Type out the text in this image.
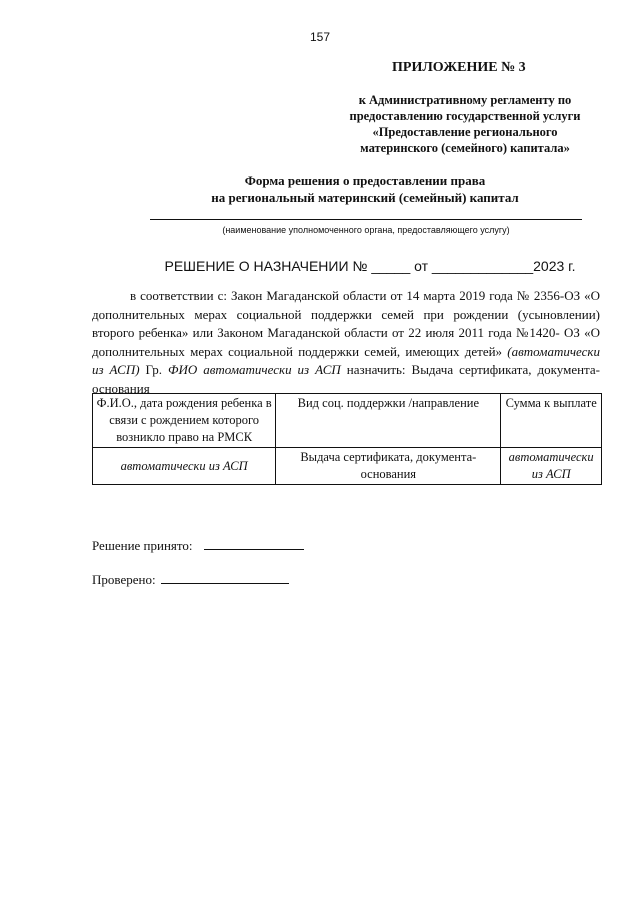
157
ПРИЛОЖЕНИЕ № 3
к Административному регламенту по
предоставлению государственной услуги
«Предоставление регионального
материнского (семейного) капитала»
Форма решения о предоставлении права
на региональный материнский (семейный) капитал
(наименование уполномоченного органа, предоставляющего услугу)
РЕШЕНИЕ О НАЗНАЧЕНИИ № _____ от _____________2023 г.
в соответствии с: Закон Магаданской области от 14 марта 2019 года № 2356-ОЗ «О дополнительных мерах социальной поддержки семей при рождении (усыновлении) второго ребенка» или Законом Магаданской области от 22 июля 2011 года №1420- ОЗ «О дополнительных мерах социальной поддержки семей, имеющих детей» (автоматически из АСП) Гр. ФИО автоматически из АСП назначить: Выдача сертификата, документа-основания
Ф.И.О., дата рождения ребенка в связи с рождением которого возникло право на РМСК	Вид соц. поддержки /направление	Сумма к выплате
автоматически из АСП	Выдача сертификата, документа-основания	автоматически из АСП
Решение принято:
Проверено:
